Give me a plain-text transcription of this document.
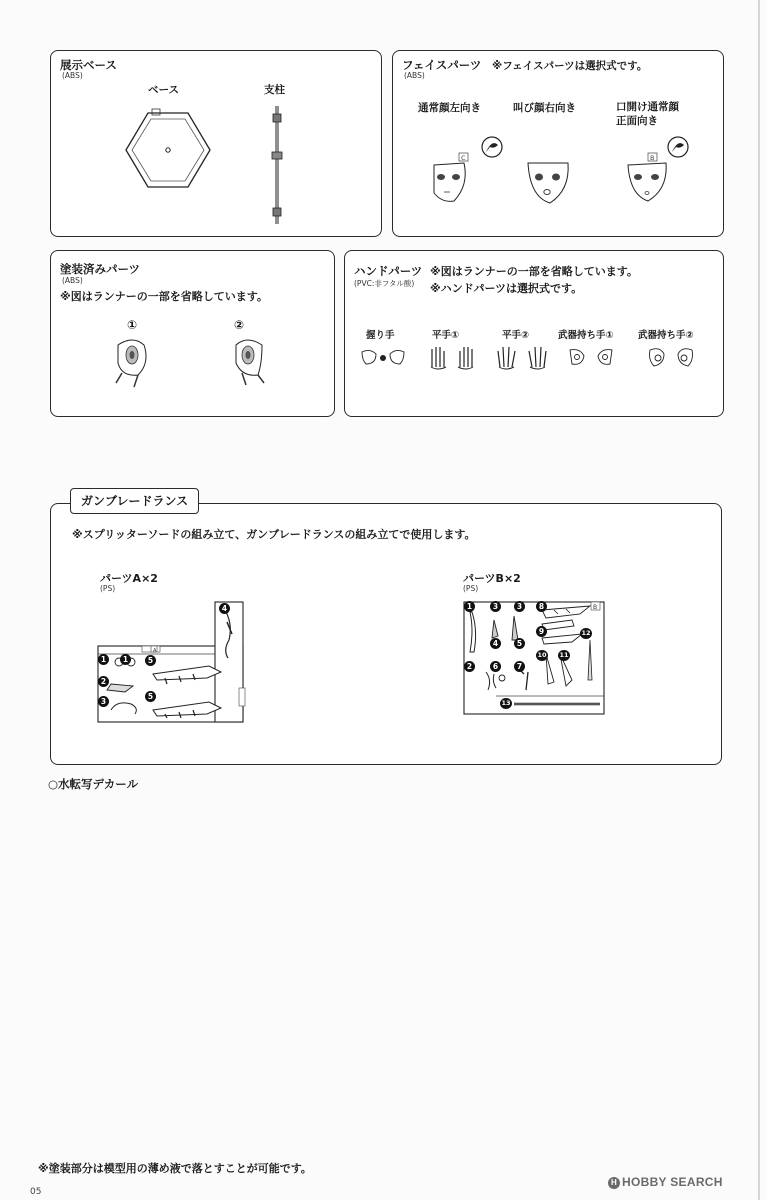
展示ベース
(ABS)
ベース	支柱
フェイスパーツ ※フェイスパーツは選択式です。
(ABS)
通常顔左向き	叫び顔右向き	口開け通常顔
正面向き
C	B
塗装済みパーツ
(ABS)
※図はランナーの一部を省略しています。
①	②
ハンドパーツ
(PVC:非フタル酸)
※図はランナーの一部を省略しています。
※ハンドパーツは選択式です。
握り手	平手①	平手②	武器持ち手①	武器持ち手②
ガンブレードランス
※スプリッターソードの組み立て、ガンブレードランスの組み立てで使用します。
パーツA×2
(PS)
パーツB×2
(PS)
A
1	1
2
3
4
5
5
B
1
2
3	3
4	5
6	7
8
9
10 11
12
13
○水転写デカール
※塗装部分は模型用の薄め液で落とすことが可能です。
05
H HOBBY SEARCH
